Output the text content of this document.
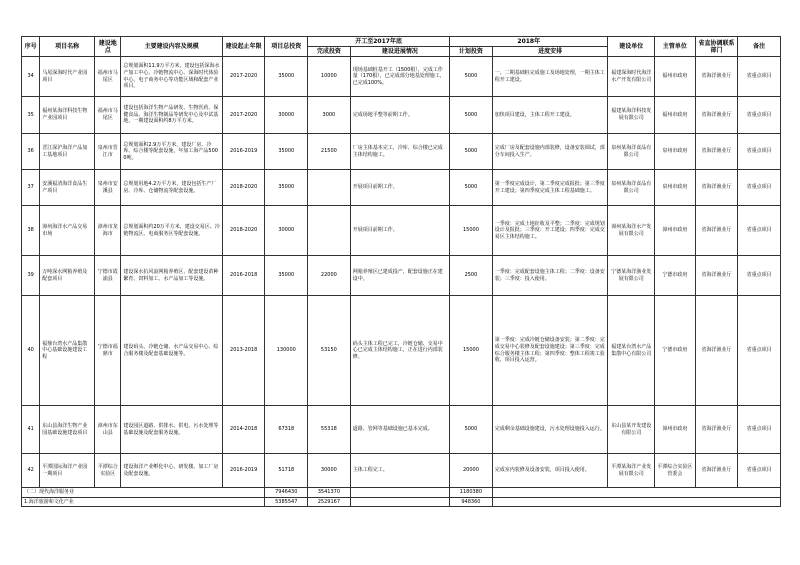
序号	项目名称	建设地点	主要建设内容及规模	建设起止年限	项目总投资	开工至2017年底		2018年		建设单位	主管单位	省直协调联系部门	备注
						完成投资	建设进展情况	计划投资	进度安排				
34	马尾深海时代产业园项目	福州市马尾区	总规划面积11.9万平方米，建设包括深海水产加工中心、冷链物流中心、深海时代体验中心、电子商务中心等功能区域和配套产业项目。	2017-2020	35000	10000	现场基础桩基开工（1500根），完成工作量（170根），已完成部分地基处理施工，已完成100%。	5000	一、二期基础桩完成施工及场地处理，一期主体工程开工建设。	福建深海时代海洋水产开发有限公司	福州市政府	省海洋渔业厅	省重点项目
35	福州某海洋科技生物产业园项目	福州市马尾区	建设包括海洋生物产品研发、生物医药、保健食品、海洋生物制品等研发中心及中试基地，一期建设面积约8万平方米。	2017-2020	30000	3000	完成场地平整等前期工作。	5000	加快项目建设，主体工程开工建设。	福建某海洋科技发展有限公司	福州市政府	省海洋渔业厅	省重点项目
36	晋江深沪海洋产品加工基地项目	泉州市晋江市	总规划面积2.9万平方米，建设厂房、冷库、综合楼等配套设施，年加工海产品5000吨。	2016-2019	35000	21500	厂房主体基本完工，冷库、综合楼已完成主体结构施工。	5000	完成厂房及配套设施内部装修，设备安装调试，部分车间投入生产。	泉州某海洋食品有限公司	泉州市政府	省海洋渔业厅	省重点项目
37	安溪福清海洋食品生产项目	泉州市安溪县	总规划用地4.2万平方米，建设包括生产厂房、冷库、仓储物流等配套设施。	2018-2020	35000		开展项目前期工作。	5000	第一季度完成设计，第二季度完成报批；第三季度开工建设；第四季度完成主体工程基础施工。	泉州某海洋食品有限公司	泉州市政府	省海洋渔业厅	省重点项目
38	漳州海洋水产品交易市场	漳州市龙海市	总规划面积约20万平方米，建设交易区、冷链物流区、电商服务区等配套设施。	2018-2020	30000		开展项目前期工作。	15000	一季度：完成土地征收及平整；二季度：完成规划设计及报批；三季度：开工建设；四季度：完成交易区主体结构施工。	漳州某海洋水产发展有限公司	漳州市政府	省海洋渔业厅	省重点项目
39	万吨深水网箱养殖及配套项目	宁德市霞浦县	建设深水抗风浪网箱养殖区，配套建设苗种繁育、饲料加工、水产品加工等设施。	2016-2018	35000	22000	网箱养殖区已建成投产，配套设施正在建设中。	2500	一季度：完成配套设施主体工程；二季度：设备安装；三季度：投入使用。	宁德某海洋渔业发展有限公司	宁德市政府	省海洋渔业厅	省重点项目
40	福鼎台湾水产品集散中心基础设施建设工程	宁德市福鼎市	建设码头、冷链仓储、水产品交易中心、综合服务楼及配套基础设施等。	2013-2018	130000	53150	码头主体工程已完工，冷链仓储、交易中心已完成主体结构施工，正在进行内部装修。	15000	第一季度：完成冷链仓储设备安装；第二季度：完成交易中心装修及配套设施建设；第三季度：完成综合服务楼主体工程；第四季度：整体工程竣工验收，项目投入运营。	福建某台湾水产品集散中心有限公司	宁德市政府	省海洋渔业厅	省重点项目
41	东山县海洋生物产业园基础设施建设项目	漳州市东山县	建设园区道路、供排水、供电、污水处理等基础设施及配套服务设施。	2014-2018	67318	55318	道路、管网等基础设施已基本完成。	5000	完成剩余基础设施建设，污水处理设施投入运行。	东山县某开发建设有限公司	漳州市政府	省海洋渔业厅	省重点项目
42	平潭国际海洋产业园一期项目	平潭综合实验区	建设海洋产业孵化中心、研发楼、加工厂房及配套设施。	2016-2019	51718	30000	主体工程完工。	20000	完成室内装修及设备安装，项目投入使用。	平潭某海洋产业发展有限公司	平潭综合实验区管委会	省海洋渔业厅	省重点项目
（二）现代海洋服务业					7946430	3541370		1180380					
1.海洋旅游和文化产业					5385547	2529167		948360					
